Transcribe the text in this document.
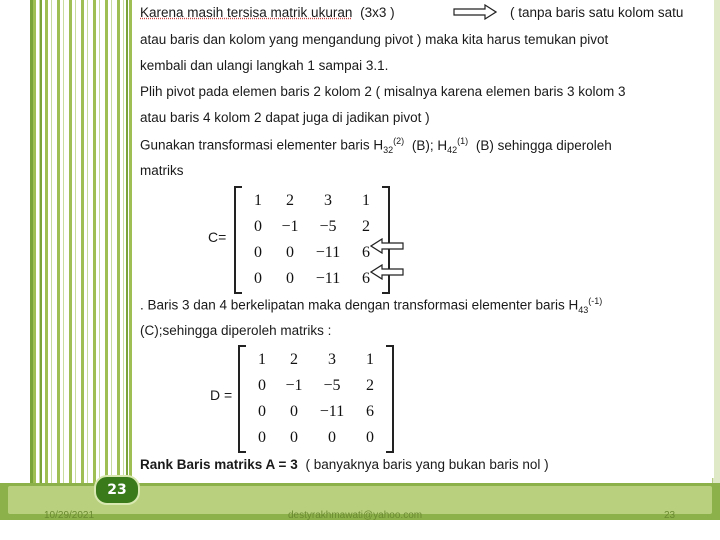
10/29/2021	destyrakhmawati@yahoo.com	23
23
Karena masih tersisa matrik ukuran (3x3 )	( tanpa baris satu kolom satu
atau baris dan kolom yang mengandung pivot ) maka kita harus temukan pivot
kembali dan ulangi langkah 1 sampai 3.1.
Plih pivot pada elemen baris 2 kolom 2 ( misalnya karena elemen baris 3 kolom 3
atau baris 4 kolom 2 dapat juga di jadikan pivot )
Gunakan transformasi elementer baris $H_{32}^{(2)}$ (B); $H_{42}^{(1)}$ (B) sehingga diperoleh
matriks
C=
1	2	3	1
0	−1	−5	2
0	0	−11	6
0	0	−11	6
. Baris 3 dan 4 berkelipatan maka dengan transformasi elementer baris $H_{43}^{(-1)}$
(C);sehingga diperoleh matriks :
D =
1	2	3	1
0	−1	−5	2
0	0	−11	6
0	0	0	0
Rank Baris matriks A = 3 ( banyaknya baris yang bukan baris nol )
